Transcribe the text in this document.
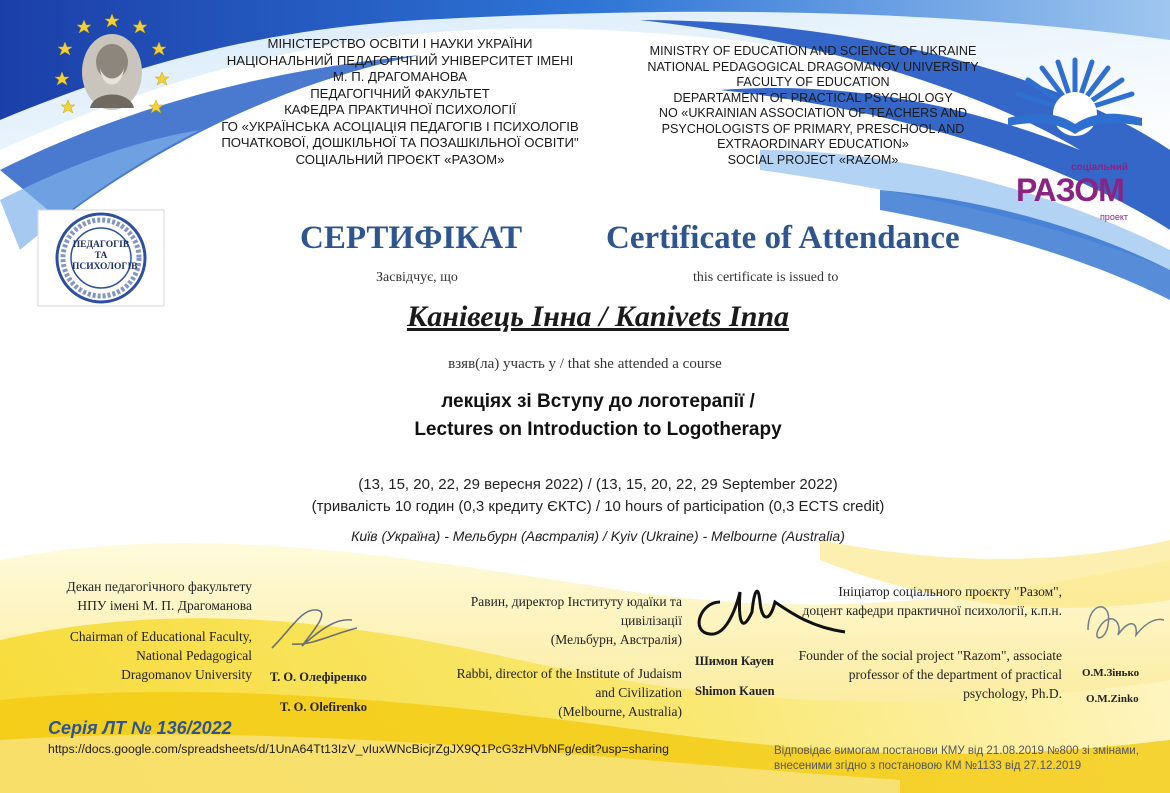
МІНІСТЕРСТВО ОСВІТИ І НАУКИ УКРАЇНИ
НАЦІОНАЛЬНИЙ ПЕДАГОГІЧНИЙ УНІВЕРСИТЕТ ІМЕНІ
М. П. ДРАГОМАНОВА
ПЕДАГОГІЧНИЙ ФАКУЛЬТЕТ
КАФЕДРА ПРАКТИЧНОЇ ПСИХОЛОГІЇ
ГО «УКРАЇНСЬКА АСОЦІАЦІЯ ПЕДАГОГІВ І ПСИХОЛОГІВ
ПОЧАТКОВОЇ, ДОШКІЛЬНОЇ ТА ПОЗАШКІЛЬНОЇ ОСВІТИ"
СОЦІАЛЬНИЙ ПРОЄКТ «РАЗОМ»
MINISTRY OF EDUCATION AND SCIENCE OF UKRAINE
NATIONAL PEDAGOGICAL DRAGOMANOV UNIVERSITY
FACULTY OF EDUCATION
DEPARTAMENT OF PRACTICAL PSYCHOLOGY
NO «UKRAINIAN ASSOCIATION OF TEACHERS AND
PSYCHOLOGISTS OF PRIMARY, PRESCHOOL AND
EXTRAORDINARY EDUCATION»
SOCIAL PROJECT «RAZOM»
соціальний
РАЗОМ
проект
ПЕДАГОГІВ
ТА
ПСИХОЛОГІВ
СЕРТИФІКАТ	Certificate of Attendance
Засвідчує, що	this certificate is issued to
Канівець Інна / Kanivets Inna
взяв(ла) участь у / that she attended a course
лекціях зі Вступу до логотерапії /
Lectures on Introduction to Logotherapy
(13, 15, 20, 22, 29 вересня 2022) / (13, 15, 20, 22, 29 September 2022)
(тривалість 10 годин (0,3 кредиту ЄКТС) / 10 hours of participation (0,3 ECTS credit)
Київ (Україна) - Мельбурн (Австралія) / Kyiv (Ukraine) - Melbourne (Australia)
Декан педагогічного факультету
НПУ імені М. П. Драгоманова
Chairman of Educational Faculty,
National Pedagogical
Dragomanov University Т. О. Олефіренко
T. O. Olefirenko
Равин, директор Інституту юдаїки та
цивілізації
(Мельбурн, Австралія)
Rabbi, director of the Institute of Judaism
and Civilization
(Melbourne, Australia)
Шимон Кауен
Shimon Kauen
Ініціатор соціального проєкту "Разом",
доцент кафедри практичної психології, к.п.н.
Founder of the social project "Razom", associate
professor of the department of practical
psychology, Ph.D.
О.М.Зінько
O.M.Zinko
Серія ЛТ № 136/2022
https://docs.google.com/spreadsheets/d/1UnA64Tt13IzV_vIuxWNcBicjrZgJX9Q1PcG3zHVbNFg/edit?usp=sharing	Відповідає вимогам постанови КМУ від 21.08.2019 №800 зі змінами,
внесеними згідно з постановою КМ №1133 від 27.12.2019
